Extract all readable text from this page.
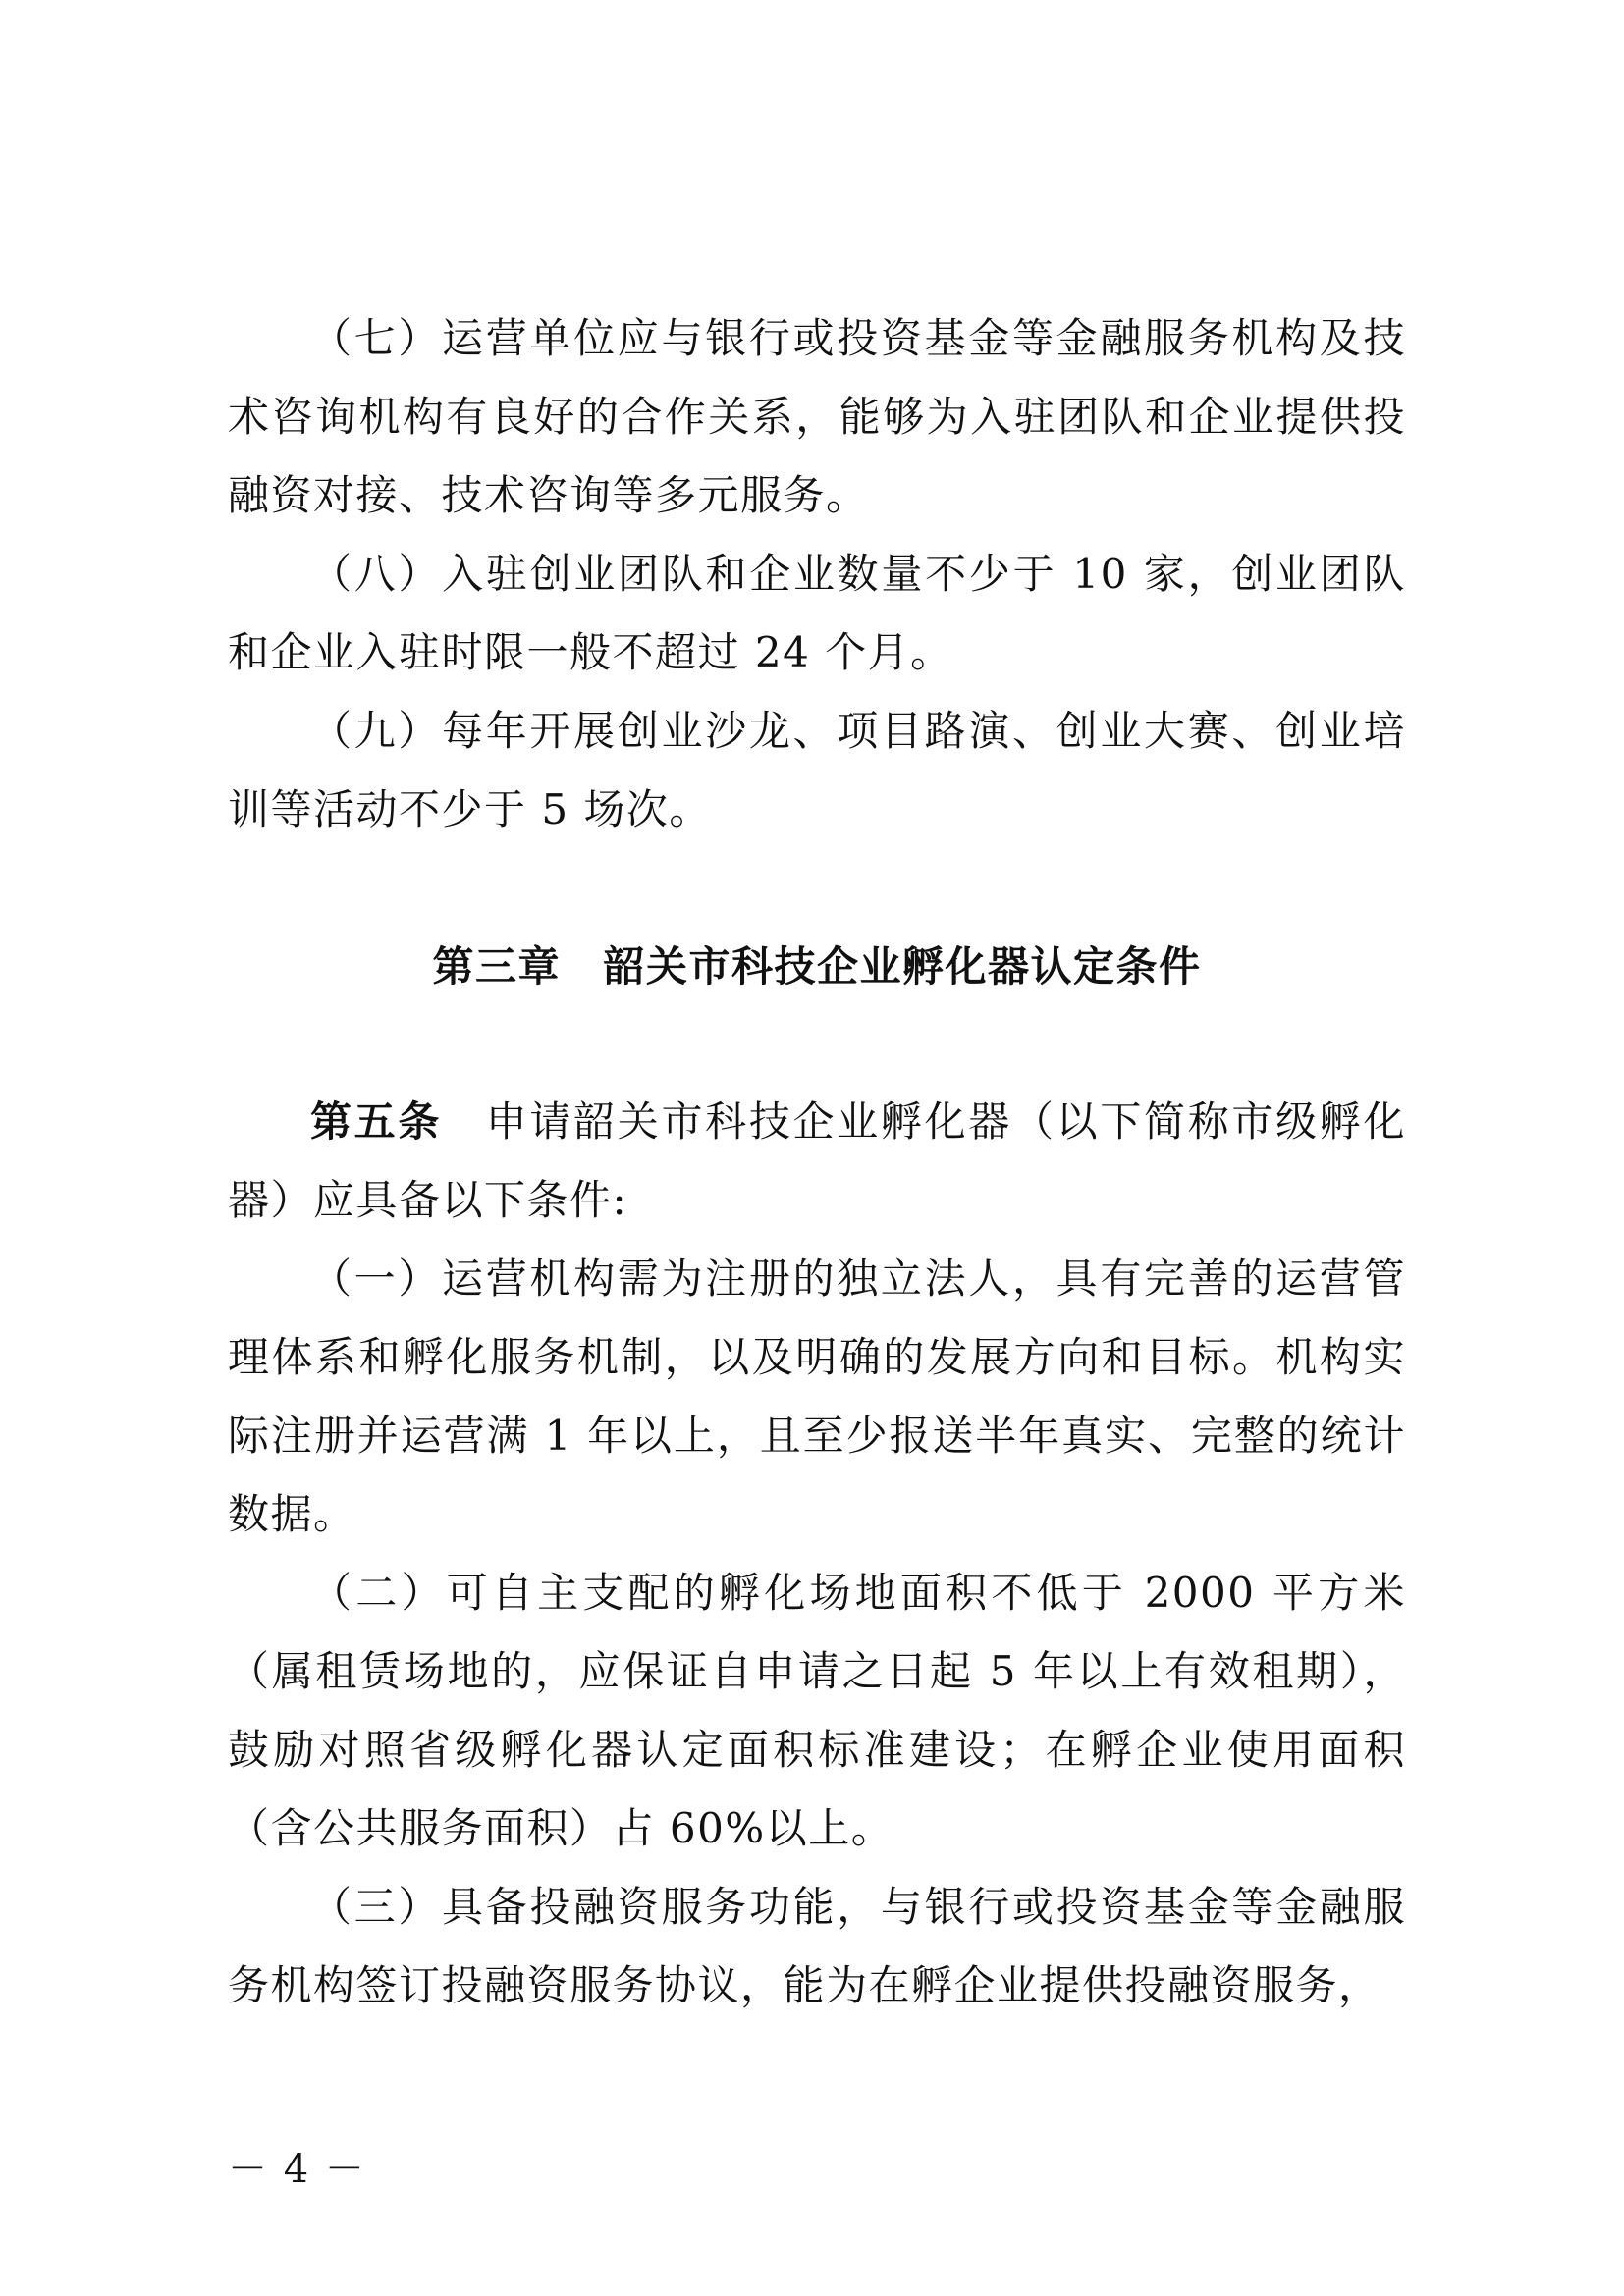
（七）运营单位应与银行或投资基金等金融服务机构及技术咨询机构有良好的合作关系，能够为入驻团队和企业提供投融资对接、技术咨询等多元服务。

（八）入驻创业团队和企业数量不少于 10 家，创业团队和企业入驻时限一般不超过 24 个月。

（九）每年开展创业沙龙、项目路演、创业大赛、创业培训等活动不少于 5 场次。

第三章　韶关市科技企业孵化器认定条件

第五条　申请韶关市科技企业孵化器（以下简称市级孵化器）应具备以下条件:

（一）运营机构需为注册的独立法人，具有完善的运营管理体系和孵化服务机制，以及明确的发展方向和目标。机构实际注册并运营满 1 年以上，且至少报送半年真实、完整的统计数据。

（二）可自主支配的孵化场地面积不低于 2000 平方米（属租赁场地的，应保证自申请之日起 5 年以上有效租期），鼓励对照省级孵化器认定面积标准建设；在孵企业使用面积（含公共服务面积）占 60%以上。

（三）具备投融资服务功能，与银行或投资基金等金融服务机构签订投融资服务协议，能为在孵企业提供投融资服务，

－ 4 －
